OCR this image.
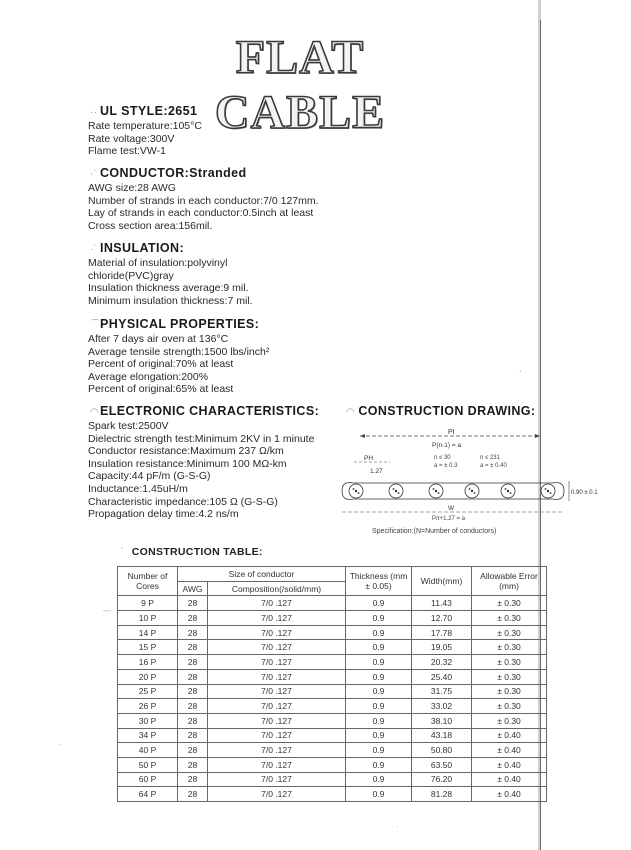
FLAT CABLE
·· UL STYLE:2651
Rate temperature:105°C
Rate voltage:300V
Flame test:VW-1
·˙ CONDUCTOR:Stranded
AWG size:28 AWG
Number of strands in each conductor:7/0 127mm.
Lay of strands in each conductor:0.5inch at least
Cross section area:156mil.
·˙ INSULATION:
Material of insulation:polyvinyl
chloride(PVC)gray
Insulation thickness average:9 mil.
Minimum insulation thickness:7 mil.
⌒PHYSICAL PROPERTIES:
After 7 days air oven at 136°C
Average tensile strength:1500 lbs/inch²
Percent of original:70% at least
Average elongation:200%
Percent of original:65% at least
◠ELECTRONIC CHARACTERISTICS:
Spark test:2500V
Dielectric strength test:Minimum 2KV in 1 minute
Conductor resistance:Maximum 237 Ω/km
Insulation resistance:Minimum 100 MΩ-km
Capacity:44 pF/m (G-S-G)
Inductance:1.45uH/m
Characteristic impedance:105 Ω (G-S-G)
Propagation delay time:4.2 ns/m
◠ CONSTRUCTION DRAWING:
PI
P(n-1) = a
n ≤ 30
a = ± 0.3
n ≤ 231
a = ± 0.40
PH
1.27
0.90 ± 0.1
W
P/r+1.27 = a
Specification:(N=Number of conductors)
ˊ CONSTRUCTION TABLE:
Number of Cores	Size of conductor		Thickness (mm ± 0.05)	Width(mm)	Allowable Error (mm)
	AWG	Composition(/solid/mm)			
9 P	28	7/0 .127	0.9	11.43	± 0.30
10 P	28	7/0 .127	0.9	12.70	± 0.30
14 P	28	7/0 .127	0.9	17.78	± 0.30
15 P	28	7/0 .127	0.9	19.05	± 0.30
16 P	28	7/0 .127	0.9	20.32	± 0.30
20 P	28	7/0 .127	0.9	25.40	± 0.30
25 P	28	7/0 .127	0.9	31.75	± 0.30
26 P	28	7/0 .127	0.9	33.02	± 0.30
30 P	28	7/0 .127	0.9	38.10	± 0.30
34 P	28	7/0 .127	0.9	43.18	± 0.40
40 P	28	7/0 .127	0.9	50.80	± 0.40
50 P	28	7/0 .127	0.9	63.50	± 0.40
60 P	28	7/0 .127	0.9	76.20	± 0.40
64 P	28	7/0 .127	0.9	81.28	± 0.40
—
·
·
ˋ
